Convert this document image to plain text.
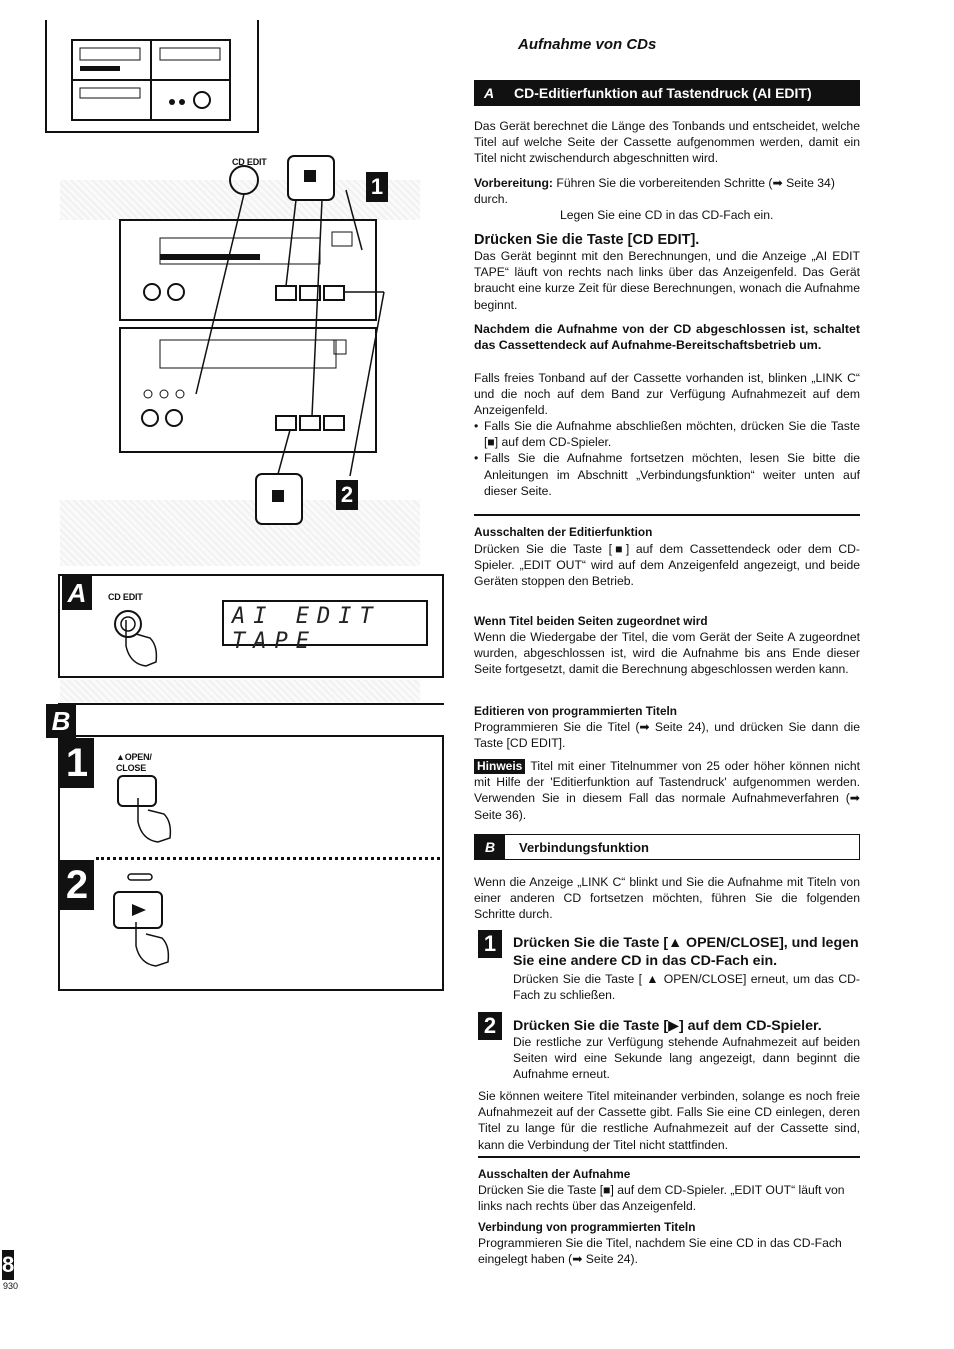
CD EDIT
1
2
A	CD EDIT
AI EDIT TAPE
B
1	▲OPEN/ CLOSE
2
8
930
Aufnahme von CDs
A	CD-Editierfunktion auf Tastendruck (AI EDIT)
Das Gerät berechnet die Länge des Tonbands und entscheidet, welche Titel auf welche Seite der Cassette aufgenommen werden, damit ein Titel nicht zwischendurch abgeschnitten wird.
Vorbereitung: Führen Sie die vorbereitenden Schritte (➡ Seite 34) durch.
Legen Sie eine CD in das CD-Fach ein.
Drücken Sie die Taste [CD EDIT].
Das Gerät beginnt mit den Berechnungen, und die Anzeige „AI EDIT TAPE“ läuft von rechts nach links über das Anzeigenfeld. Das Gerät braucht eine kurze Zeit für diese Berechnungen, wonach die Aufnahme beginnt.
Nachdem die Aufnahme von der CD abgeschlossen ist, schaltet das Cassettendeck auf Aufnahme-Bereitschaftsbetrieb um.
Falls freies Tonband auf der Cassette vorhanden ist, blinken „LINK C“ und die noch auf dem Band zur Verfügung Aufnahmezeit auf dem Anzeigenfeld.
• Falls Sie die Aufnahme abschließen möchten, drücken Sie die Taste [■] auf dem CD-Spieler.
• Falls Sie die Aufnahme fortsetzen möchten, lesen Sie bitte die Anleitungen im Abschnitt „Verbindungsfunktion“ weiter unten auf dieser Seite.
Ausschalten der Editierfunktion
Drücken Sie die Taste [■] auf dem Cassettendeck oder dem CD-Spieler. „EDIT OUT“ wird auf dem Anzeigenfeld angezeigt, und beide Geräten stoppen den Betrieb.
Wenn Titel beiden Seiten zugeordnet wird
Wenn die Wiedergabe der Titel, die vom Gerät der Seite A zugeordnet wurden, abgeschlossen ist, wird die Aufnahme bis ans Ende dieser Seite fortgesetzt, damit die Berechnung abgeschlossen werden kann.
Editieren von programmierten Titeln
Programmieren Sie die Titel (➡ Seite 24), und drücken Sie dann die Taste [CD EDIT].
Hinweis Titel mit einer Titelnummer von 25 oder höher können nicht mit Hilfe der 'Editierfunktion auf Tastendruck' aufgenommen werden. Verwenden Sie in diesem Fall das normale Aufnahmeverfahren (➡ Seite 36).
B	Verbindungsfunktion
Wenn die Anzeige „LINK C“ blinkt und Sie die Aufnahme mit Titeln von einer anderen CD fortsetzen möchten, führen Sie die folgenden Schritte durch.
1	Drücken Sie die Taste [▲ OPEN/CLOSE], und legen Sie eine andere CD in das CD-Fach ein.
Drücken Sie die Taste [ ▲ OPEN/CLOSE] erneut, um das CD-Fach zu schließen.
2	Drücken Sie die Taste [▶] auf dem CD-Spieler.
Die restliche zur Verfügung stehende Aufnahmezeit auf beiden Seiten wird eine Sekunde lang angezeigt, dann beginnt die Aufnahme erneut.
Sie können weitere Titel miteinander verbinden, solange es noch freie Aufnahmezeit auf der Cassette gibt. Falls Sie eine CD einlegen, deren Titel zu lange für die restliche Aufnahmezeit auf der Cassette sind, kann die Verbindung der Titel nicht stattfinden.
Ausschalten der Aufnahme
Drücken Sie die Taste [■] auf dem CD-Spieler. „EDIT OUT“ läuft von links nach rechts über das Anzeigenfeld.
Verbindung von programmierten Titeln
Programmieren Sie die Titel, nachdem Sie eine CD in das CD-Fach eingelegt haben (➡ Seite 24).
